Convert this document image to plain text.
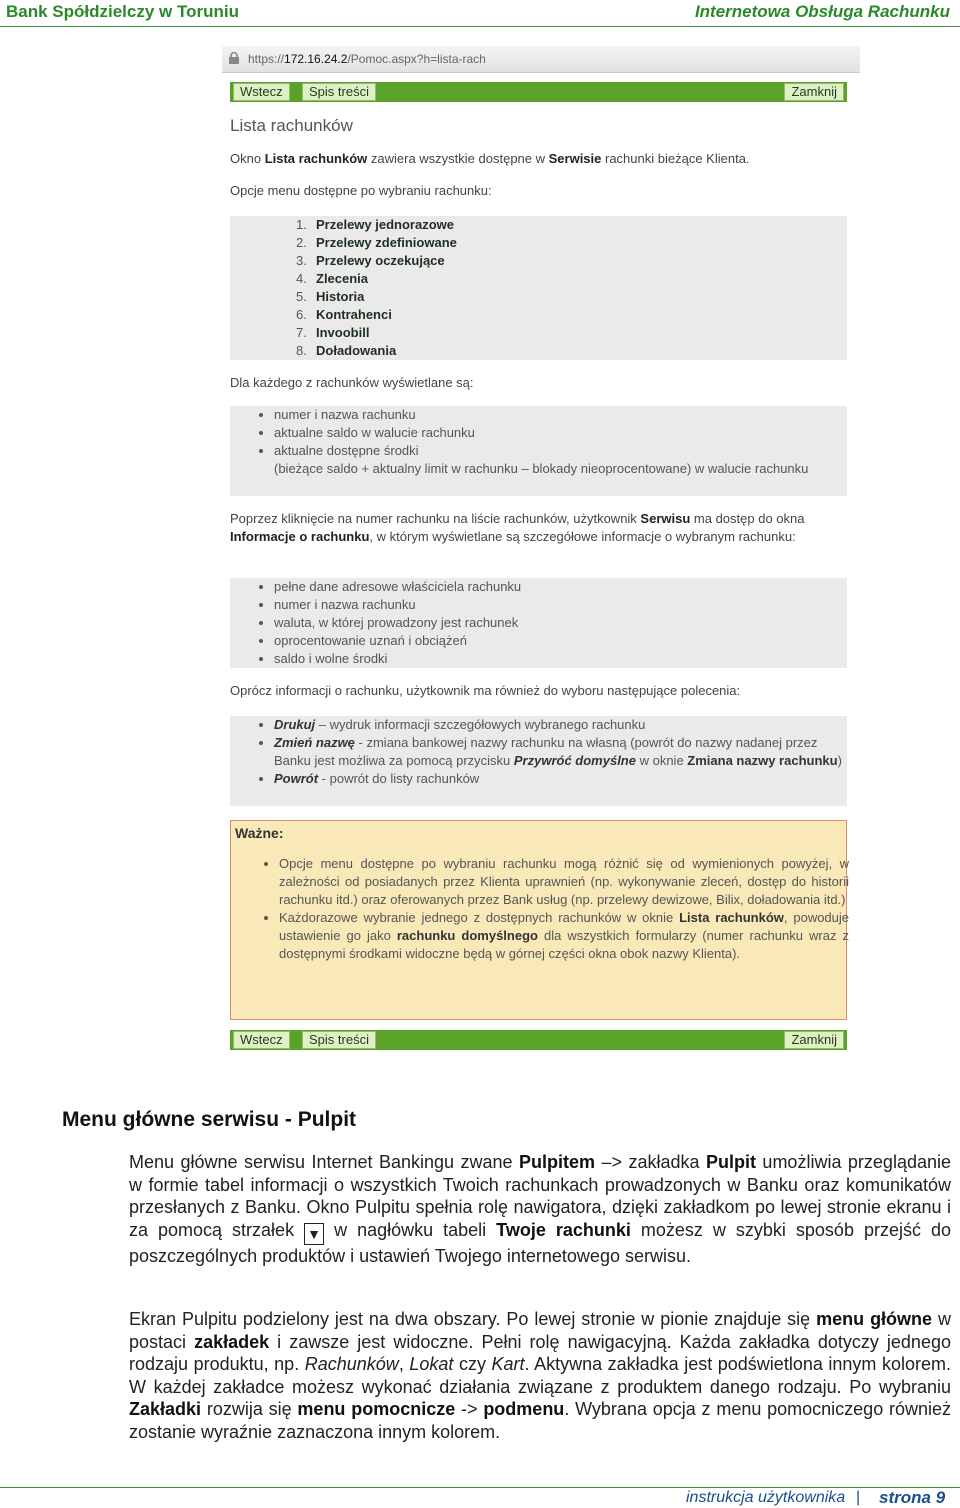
Bank Spółdzielczy w Toruniu	Internetowa Obsługa Rachunku
https://172.16.24.2/Pomoc.aspx?h=lista-rach
Wstecz	Spis treści	Zamknij
Lista rachunków
Okno Lista rachunków zawiera wszystkie dostępne w Serwisie rachunki bieżące Klienta.
Opcje menu dostępne po wybraniu rachunku:
1. Przelewy jednorazowe
2. Przelewy zdefiniowane
3. Przelewy oczekujące
4. Zlecenia
5. Historia
6. Kontrahenci
7. Invoobill
8. Doładowania
Dla każdego z rachunków wyświetlane są:
• numer i nazwa rachunku
• aktualne saldo w walucie rachunku
• aktualne dostępne środki
(bieżące saldo + aktualny limit w rachunku – blokady nieoprocentowane) w walucie rachunku
Poprzez kliknięcie na numer rachunku na liście rachunków, użytkownik Serwisu ma dostęp do okna Informacje o rachunku, w którym wyświetlane są szczegółowe informacje o wybranym rachunku:
• pełne dane adresowe właściciela rachunku
• numer i nazwa rachunku
• waluta, w której prowadzony jest rachunek
• oprocentowanie uznań i obciążeń
• saldo i wolne środki
Oprócz informacji o rachunku, użytkownik ma również do wyboru następujące polecenia:
• Drukuj – wydruk informacji szczegółowych wybranego rachunku
• Zmień nazwę - zmiana bankowej nazwy rachunku na własną (powrót do nazwy nadanej przez Banku jest możliwa za pomocą przycisku Przywróć domyślne w oknie Zmiana nazwy rachunku)
• Powrót - powrót do listy rachunków
Ważne:
• Opcje menu dostępne po wybraniu rachunku mogą różnić się od wymienionych powyżej, w zależności od posiadanych przez Klienta uprawnień (np. wykonywanie zleceń, dostęp do historii rachunku itd.) oraz oferowanych przez Bank usług (np. przelewy dewizowe, Bilix, doładowania itd.)
• Każdorazowe wybranie jednego z dostępnych rachunków w oknie Lista rachunków, powoduje ustawienie go jako rachunku domyślnego dla wszystkich formularzy (numer rachunku wraz z dostępnymi środkami widoczne będą w górnej części okna obok nazwy Klienta).
Wstecz	Spis treści	Zamknij
Menu główne serwisu - Pulpit
Menu główne serwisu Internet Bankingu zwane Pulpitem –> zakładka Pulpit umożliwia przeglądanie w formie tabel informacji o wszystkich Twoich rachunkach prowadzonych w Banku oraz komunikatów przesłanych z Banku. Okno Pulpitu spełnia rolę nawigatora, dzięki zakładkom po lewej stronie ekranu i za pomocą strzałek ▼ w nagłówku tabeli Twoje rachunki możesz w szybki sposób przejść do poszczególnych produktów i ustawień Twojego internetowego serwisu.
Ekran Pulpitu podzielony jest na dwa obszary. Po lewej stronie w pionie znajduje się menu główne w postaci zakładek i zawsze jest widoczne. Pełni rolę nawigacyjną. Każda zakładka dotyczy jednego rodzaju produktu, np. Rachunków, Lokat czy Kart. Aktywna zakładka jest podświetlona innym kolorem. W każdej zakładce możesz wykonać działania związane z produktem danego rodzaju. Po wybraniu Zakładki rozwija się menu pomocnicze -> podmenu. Wybrana opcja z menu pomocniczego również zostanie wyraźnie zaznaczona innym kolorem.
instrukcja użytkownika | strona 9
